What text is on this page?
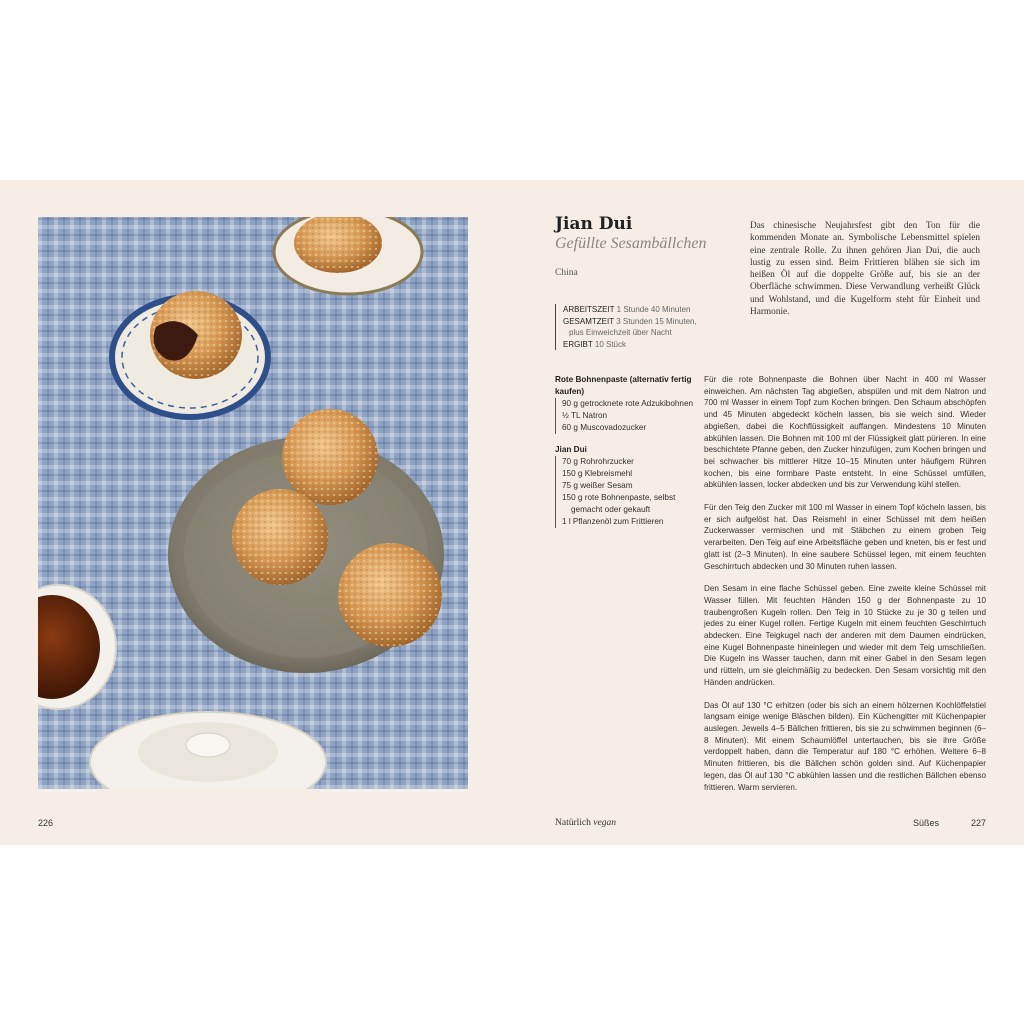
Jian Dui

Gefüllte Sesambällchen

China
ARBEITSZEIT 1 Stunde 40 Minuten
GESAMTZEIT 3 Stunden 15 Minuten,
plus Einweichzeit über Nacht
ERGIBT 10 Stück

Das chinesische Neujahrsfest gibt den Ton für die kommenden Monate an. Symbolische Lebensmittel spielen eine zentrale Rolle. Zu ihnen gehören Jian Dui, die auch lustig zu essen sind. Beim Frittieren blähen sie sich im heißen Öl auf die doppelte Größe auf, bis sie an der Oberfläche schwimmen. Diese Verwandlung verheißt Glück und Wohlstand, und die Kugelform steht für Einheit und Harmonie.

Rote Bohnenpaste (alternativ fertig kaufen)
90 g getrocknete rote Adzukibohnen
½ TL Natron
60 g Muscovadozucker
Jian Dui
70 g Rohrohrzucker
150 g Klebreismehl
75 g weißer Sesam
150 g rote Bohnenpaste, selbst gemacht oder gekauft
1 l Pflanzenöl zum Frittieren

Für die rote Bohnenpaste die Bohnen über Nacht in 400 ml Wasser einweichen. Am nächsten Tag abgießen, abspülen und mit dem Natron und 700 ml Wasser in einem Topf zum Kochen bringen. Den Schaum abschöpfen und 45 Minuten abgedeckt köcheln lassen, bis sie weich sind. Wieder abgießen, dabei die Kochflüssigkeit auffangen. Mindestens 10 Minuten abkühlen lassen. Die Bohnen mit 100 ml der Flüssigkeit glatt pürieren. In eine beschichtete Pfanne geben, den Zucker hinzufügen, zum Kochen bringen und bei schwacher bis mittlerer Hitze 10–15 Minuten unter häufigem Rühren kochen, bis eine formbare Paste entsteht. In eine Schüssel umfüllen, abkühlen lassen, locker abdecken und bis zur Verwendung kühl stellen.

Für den Teig den Zucker mit 100 ml Wasser in einem Topf köcheln lassen, bis er sich aufgelöst hat. Das Reismehl in einer Schüssel mit dem heißen Zuckerwasser vermischen und mit Stäbchen zu einem groben Teig verarbeiten. Den Teig auf eine Arbeitsfläche geben und kneten, bis er fest und glatt ist (2–3 Minuten). In eine saubere Schüssel legen, mit einem feuchten Geschirrtuch abdecken und 30 Minuten ruhen lassen.

Den Sesam in eine flache Schüssel geben. Eine zweite kleine Schüssel mit Wasser füllen. Mit feuchten Händen 150 g der Bohnenpaste zu 10 traubengroßen Kugeln rollen. Den Teig in 10 Stücke zu je 30 g teilen und jedes zu einer Kugel rollen. Fertige Kugeln mit einem feuchten Geschirrtuch abdecken. Eine Teigkugel nach der anderen mit dem Daumen eindrücken, eine Kugel Bohnenpaste hineinlegen und wieder mit dem Teig umschließen. Die Kugeln ins Wasser tauchen, dann mit einer Gabel in den Sesam legen und rütteln, um sie gleichmäßig zu bedecken. Den Sesam vorsichtig mit den Händen andrücken.

Das Öl auf 130 °C erhitzen (oder bis sich an einem hölzernen Kochlöffelstiel langsam einige wenige Bläschen bilden). Ein Küchengitter mit Küchenpapier auslegen. Jeweils 4–5 Bällchen frittieren, bis sie zu schwimmen beginnen (6–8 Minuten). Mit einem Schaumlöffel untertauchen, bis sie ihre Größe verdoppelt haben, dann die Temperatur auf 180 °C erhöhen. Weitere 6–8 Minuten frittieren, bis die Bällchen schön golden sind. Auf Küchenpapier legen, das Öl auf 130 °C abkühlen lassen und die restlichen Bällchen ebenso frittieren. Warm servieren.

226	Natürlich vegan	Süßes	227
